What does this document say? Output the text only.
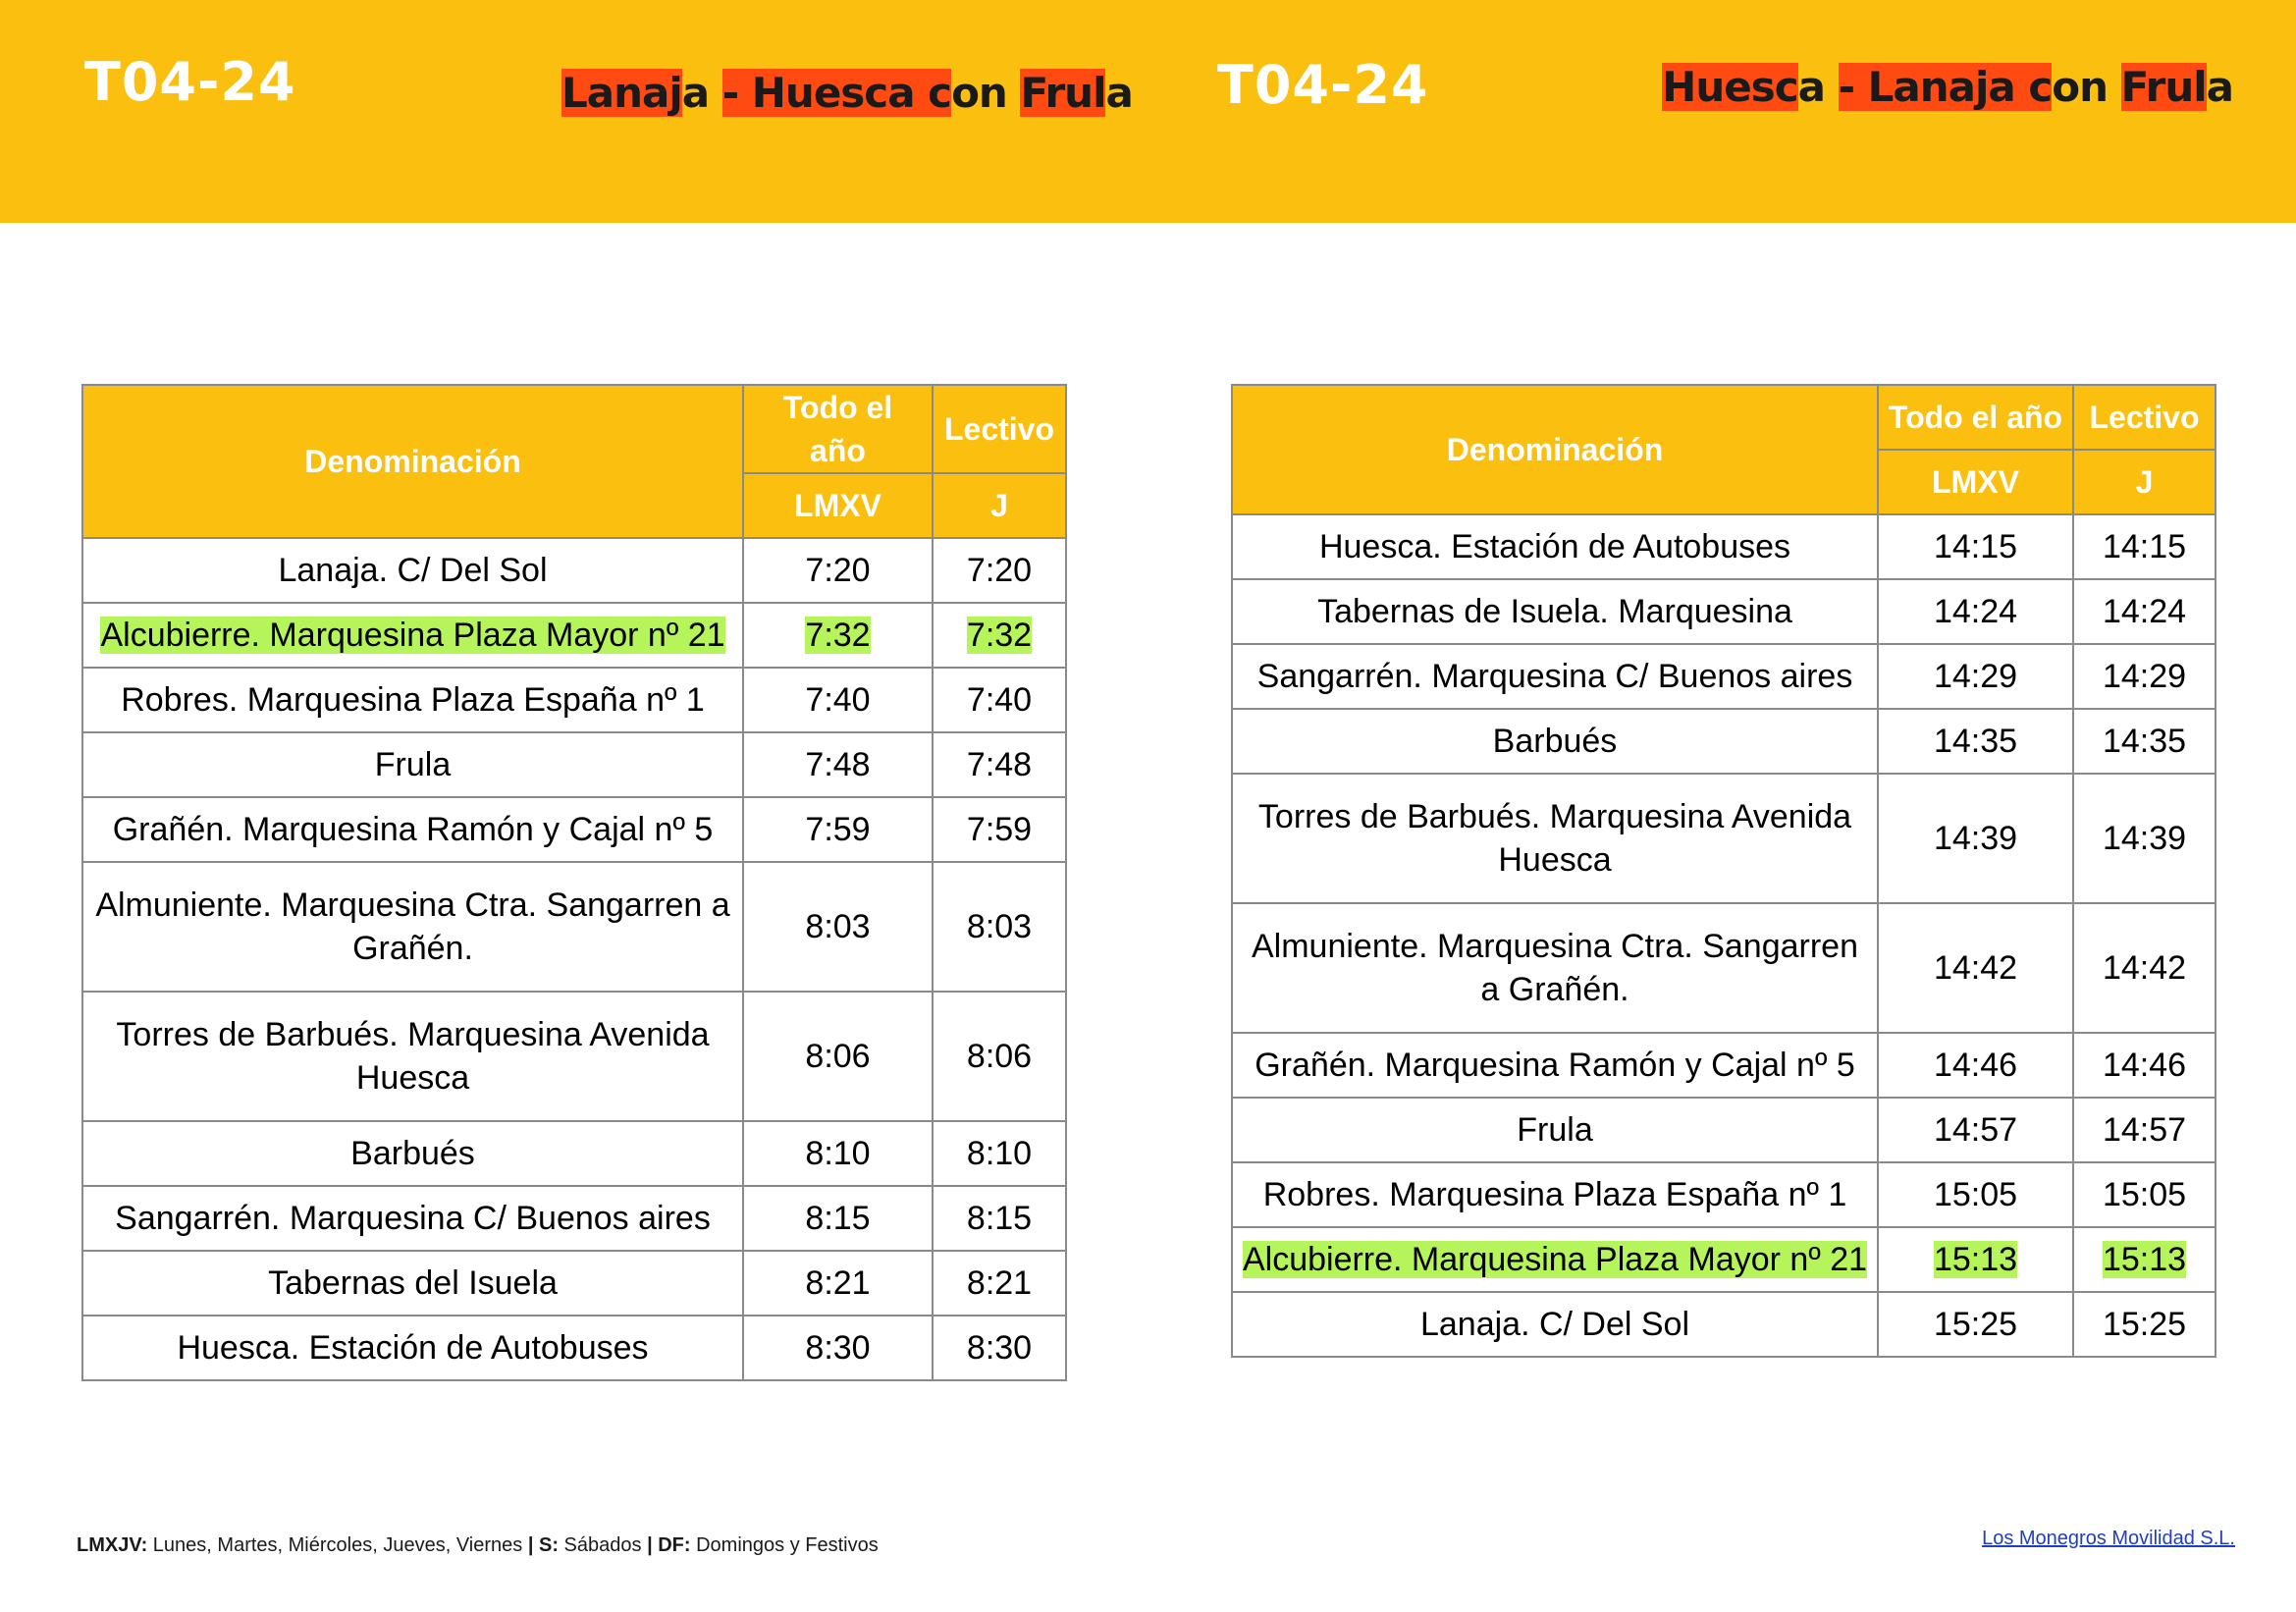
T04-24	Lanaja - Huesca con Frula T04-24	Huesca - Lanaja con Frula
Denominación	Todo el año	Lectivo
	LMXV	J
Lanaja. C/ Del Sol	7:20	7:20
Alcubierre. Marquesina Plaza Mayor nº 21	7:32	7:32
Robres. Marquesina Plaza España nº 1	7:40	7:40
Frula	7:48	7:48
Grañén. Marquesina Ramón y Cajal nº 5	7:59	7:59
Almuniente. Marquesina Ctra. Sangarren a Grañén.	8:03	8:03
Torres de Barbués. Marquesina Avenida Huesca	8:06	8:06
Barbués	8:10	8:10
Sangarrén. Marquesina C/ Buenos aires	8:15	8:15
Tabernas del Isuela	8:21	8:21
Huesca. Estación de Autobuses	8:30	8:30
Denominación	Todo el año	Lectivo
	LMXV	J
Huesca. Estación de Autobuses	14:15	14:15
Tabernas de Isuela. Marquesina	14:24	14:24
Sangarrén. Marquesina C/ Buenos aires	14:29	14:29
Barbués	14:35	14:35
Torres de Barbués. Marquesina Avenida Huesca	14:39	14:39
Almuniente. Marquesina Ctra. Sangarren a Grañén.	14:42	14:42
Grañén. Marquesina Ramón y Cajal nº 5	14:46	14:46
Frula	14:57	14:57
Robres. Marquesina Plaza España nº 1	15:05	15:05
Alcubierre. Marquesina Plaza Mayor nº 21	15:13	15:13
Lanaja. C/ Del Sol	15:25	15:25
LMXJV: Lunes, Martes, Miércoles, Jueves, Viernes | S: Sábados | DF: Domingos y Festivos	Los Monegros Movilidad S.L.
